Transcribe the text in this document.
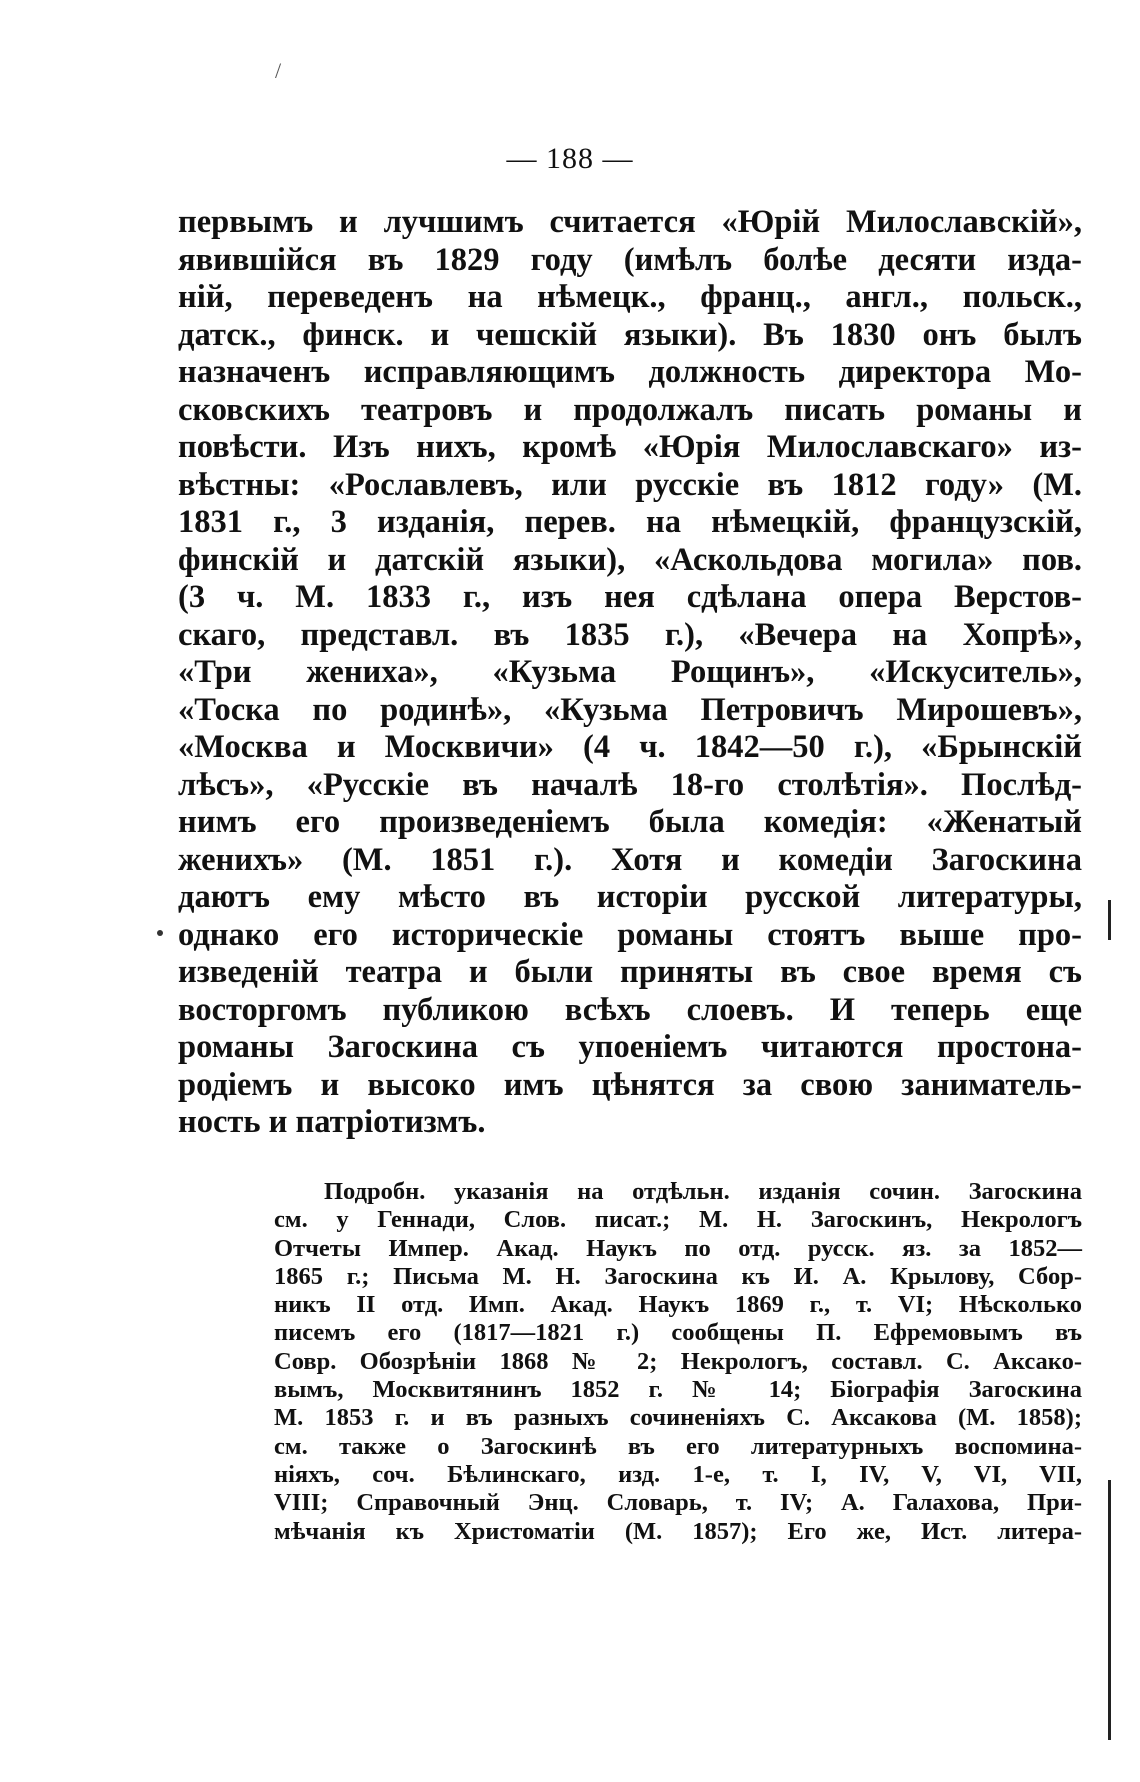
/
— 188 —
первымъ и лучшимъ считается «Юрій Милославскій»,
явившійся въ 1829 году (имѣлъ болѣе десяти изда-
ній, переведенъ на нѣмецк., франц., англ., польск.,
датск., финск. и чешскій языки). Въ 1830 онъ былъ
назначенъ исправляющимъ должность директора Мо-
сковскихъ театровъ и продолжалъ писать романы и
повѣсти. Изъ нихъ, кромѣ «Юрія Милославскаго» из-
вѣстны: «Рославлевъ, или русскіе въ 1812 году» (М.
1831 г., 3 изданія, перев. на нѣмецкій, французскій,
финскій и датскій языки), «Аскольдова могила» пов.
(3 ч. М. 1833 г., изъ нея сдѣлана опера Верстов-
скаго, представл. въ 1835 г.), «Вечера на Хопрѣ»,
«Три жениха», «Кузьма Рощинъ», «Искуситель»,
«Тоска по родинѣ», «Кузьма Петровичъ Мирошевъ»,
«Москва и Москвичи» (4 ч. 1842—50 г.), «Брынскій
лѣсъ», «Русскіе въ началѣ 18-го столѣтія». Послѣд-
нимъ его произведеніемъ была комедія: «Женатый
женихъ» (М. 1851 г.). Хотя и комедіи Загоскина
даютъ ему мѣсто въ исторіи русской литературы,
однако его историческіе романы стоятъ выше про-
изведеній театра и были приняты въ свое время съ
восторгомъ публикою всѣхъ слоевъ. И теперь еще
романы Загоскина съ упоеніемъ читаются простона-
родіемъ и высоко имъ цѣнятся за свою заниматель-
ность и патріотизмъ.
Подробн. указанія на отдѣльн. изданія сочин. Загоскина
см. у Геннади, Слов. писат.; М. Н. Загоскинъ, Некрологъ
Отчеты Импер. Акад. Наукъ по отд. русск. яз. за 1852—
1865 г.; Письма М. Н. Загоскина къ И. А. Крылову, Сбор-
никъ II отд. Имп. Акад. Наукъ 1869 г., т. VI; Нѣсколько
писемъ его (1817—1821 г.) сообщены П. Ефремовымъ въ
Совр. Обозрѣніи 1868 № 2; Некрологъ, составл. С. Аксако-
вымъ, Москвитянинъ 1852 г. № 14; Біографія Загоскина
М. 1853 г. и въ разныхъ сочиненіяхъ С. Аксакова (М. 1858);
см. также о Загоскинѣ въ его литературныхъ воспомина-
ніяхъ, соч. Бѣлинскаго, изд. 1-е, т. I, IV, V, VI, VII,
VIII; Справочный Энц. Словарь, т. IV; А. Галахова, При-
мѣчанія къ Христоматіи (М. 1857); Его же, Ист. литера-
